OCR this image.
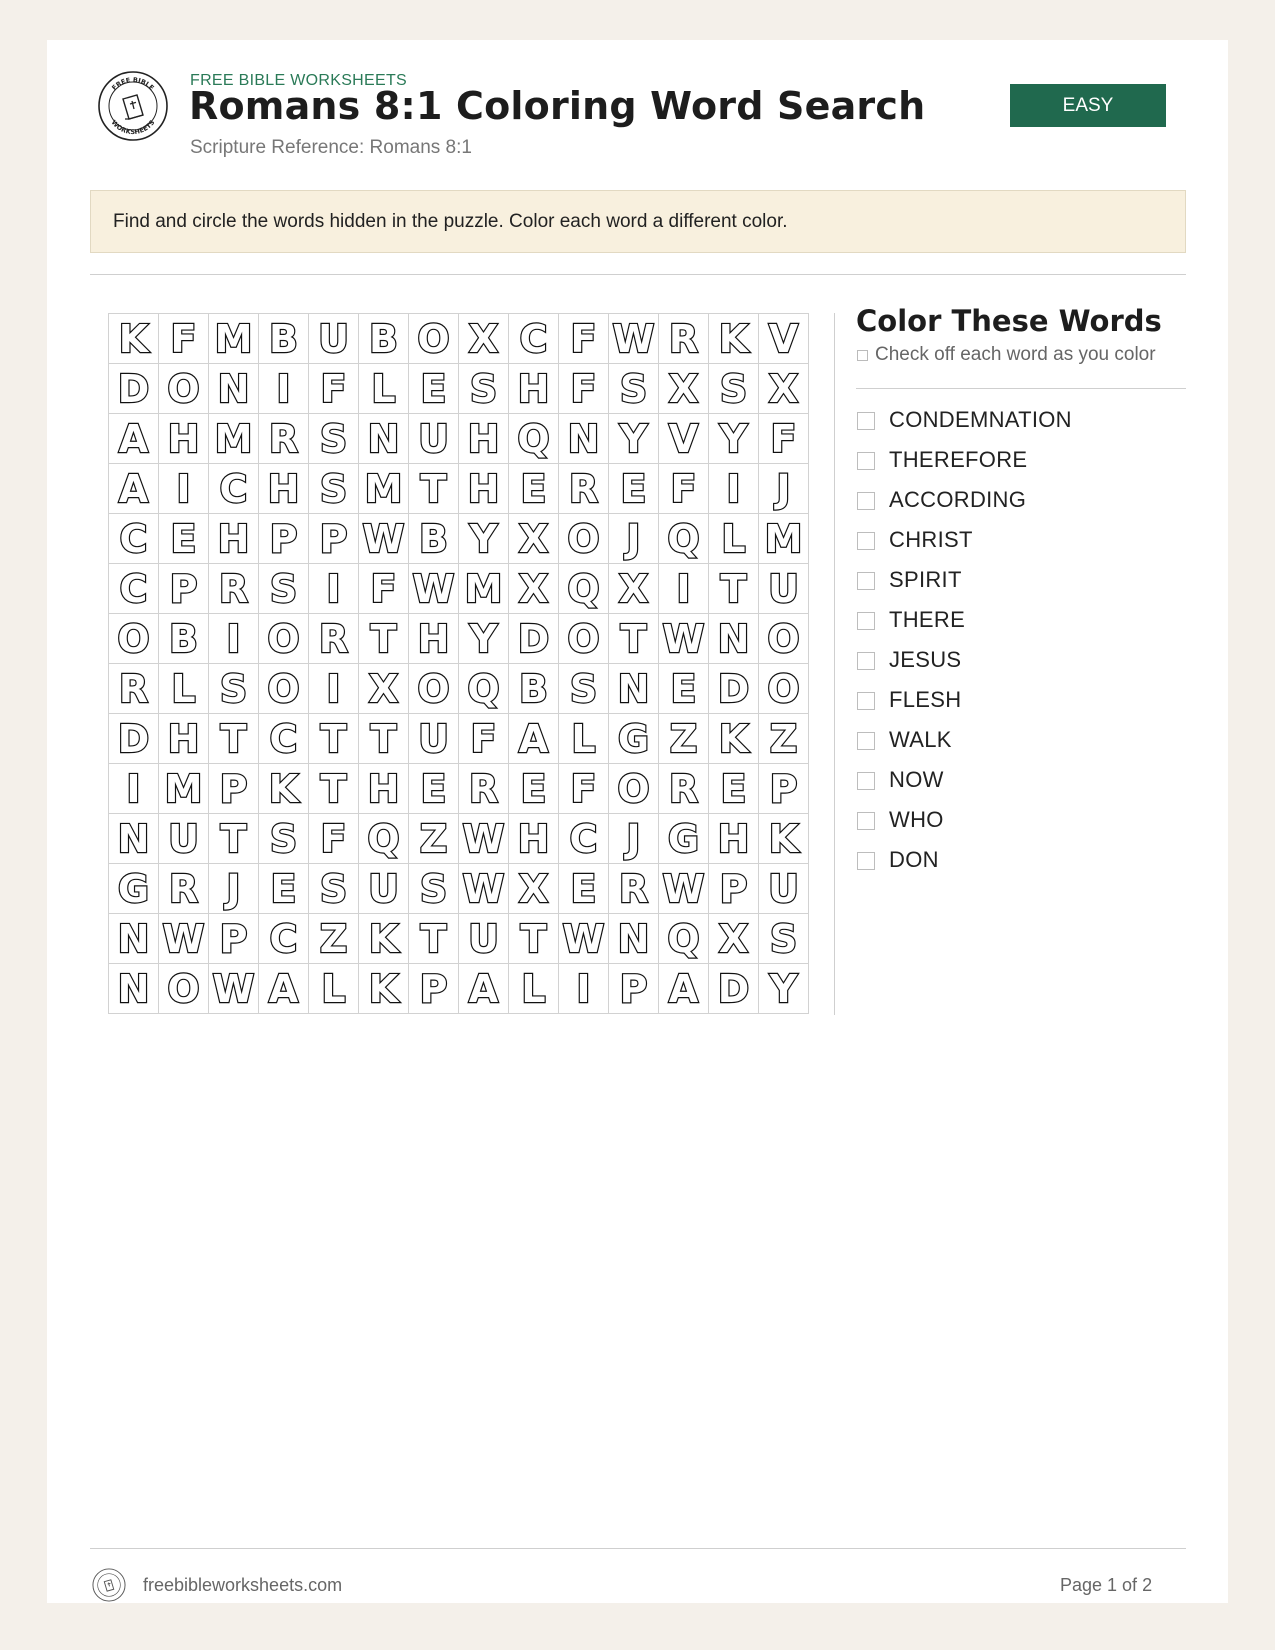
FREE BIBLE
WORKSHEETS
FREE BIBLE WORKSHEETS
Romans 8:1 Coloring Word Search
Scripture Reference: Romans 8:1
EASY
Find and circle the words hidden in the puzzle. Color each word a different color.
K F M B U B O X C F W R K V
D O N I F L E S H F S X S X
A H M R S N U H Q N Y V Y F
A I C H S M T H E R E F I J
C E H P P W B Y X O J Q L M
C P R S I F W M X Q X I T U
O B I O R T H Y D O T W N O
R L S O I X O Q B S N E D O
D H T C T T U F A L G Z K Z
I M P K T H E R E F O R E P
N U T S F Q Z W H C J G H K
G R J E S U S W X E R W P U
N W P C Z K T U T W N Q X S
N O W A L K P A L I P A D Y
Color These Words
Check off each word as you color
CONDEMNATION
THEREFORE
ACCORDING
CHRIST
SPIRIT
THERE
JESUS
FLESH
WALK
NOW
WHO
DON
freebibleworksheets.com	Page 1 of 2
